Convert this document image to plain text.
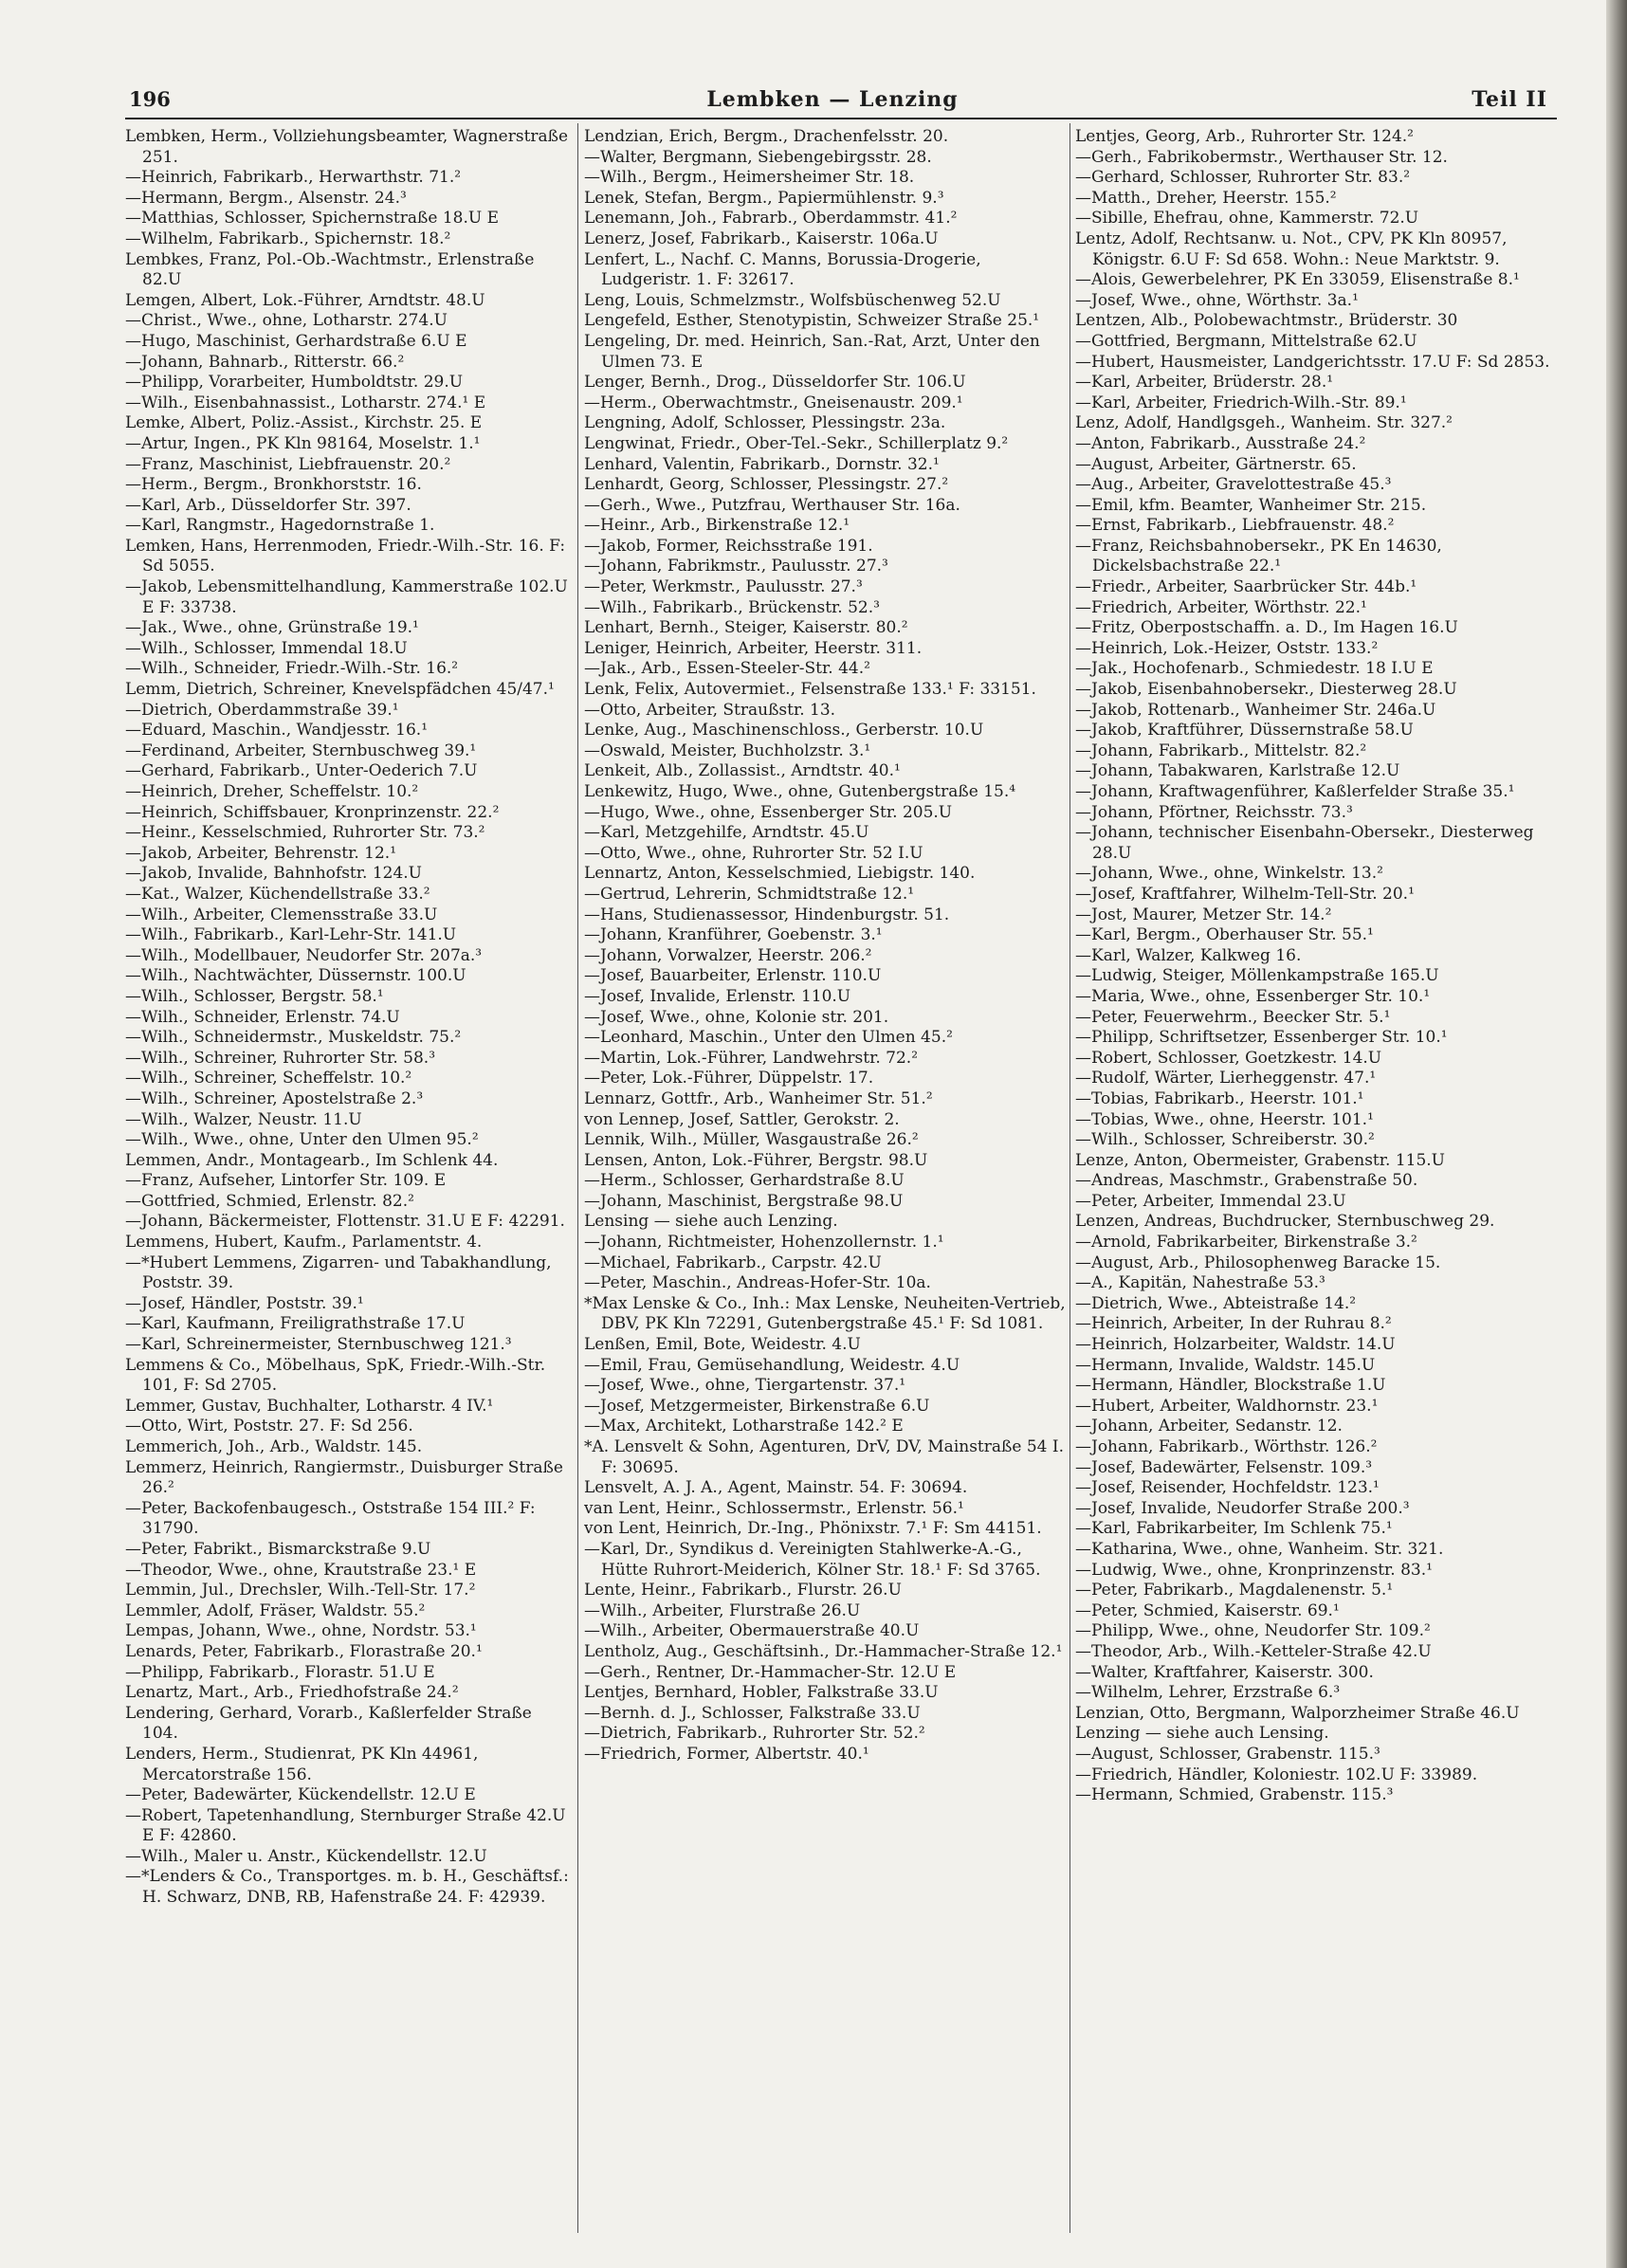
196	Lembken — Lenzing	Teil II
Lembken, Herm., Vollziehungsbeamter, Wagnerstraße 251.
—Heinrich, Fabrikarb., Herwarthstr. 71.²
—Hermann, Bergm., Alsenstr. 24.³
—Matthias, Schlosser, Spichernstraße 18.U E
—Wilhelm, Fabrikarb., Spichernstr. 18.²
Lembkes, Franz, Pol.-Ob.-Wachtmstr., Erlenstraße 82.U
Lemgen, Albert, Lok.-Führer, Arndtstr. 48.U
—Christ., Wwe., ohne, Lotharstr. 274.U
—Hugo, Maschinist, Gerhardstraße 6.U E
—Johann, Bahnarb., Ritterstr. 66.²
—Philipp, Vorarbeiter, Humboldtstr. 29.U
—Wilh., Eisenbahnassist., Lotharstr. 274.¹ E
Lemke, Albert, Poliz.-Assist., Kirchstr. 25. E
—Artur, Ingen., PK Kln 98164, Moselstr. 1.¹
—Franz, Maschinist, Liebfrauenstr. 20.²
—Herm., Bergm., Bronkhorststr. 16.
—Karl, Arb., Düsseldorfer Str. 397.
—Karl, Rangmstr., Hagedornstraße 1.
Lemken, Hans, Herrenmoden, Friedr.-Wilh.-Str. 16. F: Sd 5055.
—Jakob, Lebensmittelhandlung, Kammerstraße 102.U E F: 33738.
—Jak., Wwe., ohne, Grünstraße 19.¹
—Wilh., Schlosser, Immendal 18.U
—Wilh., Schneider, Friedr.-Wilh.-Str. 16.²
Lemm, Dietrich, Schreiner, Knevelspfädchen 45/47.¹
—Dietrich, Oberdammstraße 39.¹
—Eduard, Maschin., Wandjesstr. 16.¹
—Ferdinand, Arbeiter, Sternbuschweg 39.¹
—Gerhard, Fabrikarb., Unter-Oederich 7.U
—Heinrich, Dreher, Scheffelstr. 10.²
—Heinrich, Schiffsbauer, Kronprinzenstr. 22.²
—Heinr., Kesselschmied, Ruhrorter Str. 73.²
—Jakob, Arbeiter, Behrenstr. 12.¹
—Jakob, Invalide, Bahnhofstr. 124.U
—Kat., Walzer, Küchendellstraße 33.²
—Wilh., Arbeiter, Clemensstraße 33.U
—Wilh., Fabrikarb., Karl-Lehr-Str. 141.U
—Wilh., Modellbauer, Neudorfer Str. 207a.³
—Wilh., Nachtwächter, Düssernstr. 100.U
—Wilh., Schlosser, Bergstr. 58.¹
—Wilh., Schneider, Erlenstr. 74.U
—Wilh., Schneidermstr., Muskeldstr. 75.²
—Wilh., Schreiner, Ruhrorter Str. 58.³
—Wilh., Schreiner, Scheffelstr. 10.²
—Wilh., Schreiner, Apostelstraße 2.³
—Wilh., Walzer, Neustr. 11.U
—Wilh., Wwe., ohne, Unter den Ulmen 95.²
Lemmen, Andr., Montagearb., Im Schlenk 44.
—Franz, Aufseher, Lintorfer Str. 109. E
—Gottfried, Schmied, Erlenstr. 82.²
—Johann, Bäckermeister, Flottenstr. 31.U E F: 42291.
Lemmens, Hubert, Kaufm., Parlamentstr. 4.
—*Hubert Lemmens, Zigarren- und Tabakhandlung, Poststr. 39.
—Josef, Händler, Poststr. 39.¹
—Karl, Kaufmann, Freiligrathstraße 17.U
—Karl, Schreinermeister, Sternbuschweg 121.³
Lemmens & Co., Möbelhaus, SpK, Friedr.-Wilh.-Str. 101, F: Sd 2705.
Lemmer, Gustav, Buchhalter, Lotharstr. 4 IV.¹
—Otto, Wirt, Poststr. 27. F: Sd 256.
Lemmerich, Joh., Arb., Waldstr. 145.
Lemmerz, Heinrich, Rangiermstr., Duisburger Straße 26.²
—Peter, Backofenbaugesch., Oststraße 154 III.² F: 31790.
—Peter, Fabrikt., Bismarckstraße 9.U
—Theodor, Wwe., ohne, Krautstraße 23.¹ E
Lemmin, Jul., Drechsler, Wilh.-Tell-Str. 17.²
Lemmler, Adolf, Fräser, Waldstr. 55.²
Lempas, Johann, Wwe., ohne, Nordstr. 53.¹
Lenards, Peter, Fabrikarb., Florastraße 20.¹
—Philipp, Fabrikarb., Florastr. 51.U E
Lenartz, Mart., Arb., Friedhofstraße 24.²
Lendering, Gerhard, Vorarb., Kaßlerfelder Straße 104.
Lenders, Herm., Studienrat, PK Kln 44961, Mercatorstraße 156.
—Peter, Badewärter, Kückendellstr. 12.U E
—Robert, Tapetenhandlung, Sternburger Straße 42.U E F: 42860.
—Wilh., Maler u. Anstr., Kückendellstr. 12.U
—*Lenders & Co., Transportges. m. b. H., Geschäftsf.: H. Schwarz, DNB, RB, Hafenstraße 24. F: 42939.
Lendzian, Erich, Bergm., Drachenfelsstr. 20.
—Walter, Bergmann, Siebengebirgsstr. 28.
—Wilh., Bergm., Heimersheimer Str. 18.
Lenek, Stefan, Bergm., Papiermühlenstr. 9.³
Lenemann, Joh., Fabrarb., Oberdammstr. 41.²
Lenerz, Josef, Fabrikarb., Kaiserstr. 106a.U
Lenfert, L., Nachf. C. Manns, Borussia-Drogerie, Ludgeristr. 1. F: 32617.
Leng, Louis, Schmelzmstr., Wolfsbüschenweg 52.U
Lengefeld, Esther, Stenotypistin, Schweizer Straße 25.¹
Lengeling, Dr. med. Heinrich, San.-Rat, Arzt, Unter den Ulmen 73. E
Lenger, Bernh., Drog., Düsseldorfer Str. 106.U
—Herm., Oberwachtmstr., Gneisenaustr. 209.¹
Lengning, Adolf, Schlosser, Plessingstr. 23a.
Lengwinat, Friedr., Ober-Tel.-Sekr., Schillerplatz 9.²
Lenhard, Valentin, Fabrikarb., Dornstr. 32.¹
Lenhardt, Georg, Schlosser, Plessingstr. 27.²
—Gerh., Wwe., Putzfrau, Werthauser Str. 16a.
—Heinr., Arb., Birkenstraße 12.¹
—Jakob, Former, Reichsstraße 191.
—Johann, Fabrikmstr., Paulusstr. 27.³
—Peter, Werkmstr., Paulusstr. 27.³
—Wilh., Fabrikarb., Brückenstr. 52.³
Lenhart, Bernh., Steiger, Kaiserstr. 80.²
Leniger, Heinrich, Arbeiter, Heerstr. 311.
—Jak., Arb., Essen-Steeler-Str. 44.²
Lenk, Felix, Autovermiet., Felsenstraße 133.¹ F: 33151.
—Otto, Arbeiter, Straußstr. 13.
Lenke, Aug., Maschinenschloss., Gerberstr. 10.U
—Oswald, Meister, Buchholzstr. 3.¹
Lenkeit, Alb., Zollassist., Arndtstr. 40.¹
Lenkewitz, Hugo, Wwe., ohne, Gutenbergstraße 15.⁴
—Hugo, Wwe., ohne, Essenberger Str. 205.U
—Karl, Metzgehilfe, Arndtstr. 45.U
—Otto, Wwe., ohne, Ruhrorter Str. 52 I.U
Lennartz, Anton, Kesselschmied, Liebigstr. 140.
—Gertrud, Lehrerin, Schmidtstraße 12.¹
—Hans, Studienassessor, Hindenburgstr. 51.
—Johann, Kranführer, Goebenstr. 3.¹
—Johann, Vorwalzer, Heerstr. 206.²
—Josef, Bauarbeiter, Erlenstr. 110.U
—Josef, Invalide, Erlenstr. 110.U
—Josef, Wwe., ohne, Kolonie str. 201.
—Leonhard, Maschin., Unter den Ulmen 45.²
—Martin, Lok.-Führer, Landwehrstr. 72.²
—Peter, Lok.-Führer, Düppelstr. 17.
Lennarz, Gottfr., Arb., Wanheimer Str. 51.²
von Lennep, Josef, Sattler, Gerokstr. 2.
Lennik, Wilh., Müller, Wasgaustraße 26.²
Lensen, Anton, Lok.-Führer, Bergstr. 98.U
—Herm., Schlosser, Gerhardstraße 8.U
—Johann, Maschinist, Bergstraße 98.U
Lensing — siehe auch Lenzing.
—Johann, Richtmeister, Hohenzollernstr. 1.¹
—Michael, Fabrikarb., Carpstr. 42.U
—Peter, Maschin., Andreas-Hofer-Str. 10a.
*Max Lenske & Co., Inh.: Max Lenske, Neuheiten-Vertrieb, DBV, PK Kln 72291, Gutenbergstraße 45.¹ F: Sd 1081.
Lenßen, Emil, Bote, Weidestr. 4.U
—Emil, Frau, Gemüsehandlung, Weidestr. 4.U
—Josef, Wwe., ohne, Tiergartenstr. 37.¹
—Josef, Metzgermeister, Birkenstraße 6.U
—Max, Architekt, Lotharstraße 142.² E
*A. Lensvelt & Sohn, Agenturen, DrV, DV, Mainstraße 54 I. F: 30695.
Lensvelt, A. J. A., Agent, Mainstr. 54. F: 30694.
van Lent, Heinr., Schlossermstr., Erlenstr. 56.¹
von Lent, Heinrich, Dr.-Ing., Phönixstr. 7.¹ F: Sm 44151.
—Karl, Dr., Syndikus d. Vereinigten Stahlwerke-A.-G., Hütte Ruhrort-Meiderich, Kölner Str. 18.¹ F: Sd 3765.
Lente, Heinr., Fabrikarb., Flurstr. 26.U
—Wilh., Arbeiter, Flurstraße 26.U
—Wilh., Arbeiter, Obermauerstraße 40.U
Lentholz, Aug., Geschäftsinh., Dr.-Hammacher-Straße 12.¹
—Gerh., Rentner, Dr.-Hammacher-Str. 12.U E
Lentjes, Bernhard, Hobler, Falkstraße 33.U
—Bernh. d. J., Schlosser, Falkstraße 33.U
—Dietrich, Fabrikarb., Ruhrorter Str. 52.²
—Friedrich, Former, Albertstr. 40.¹
Lentjes, Georg, Arb., Ruhrorter Str. 124.²
—Gerh., Fabrikobermstr., Werthauser Str. 12.
—Gerhard, Schlosser, Ruhrorter Str. 83.²
—Matth., Dreher, Heerstr. 155.²
—Sibille, Ehefrau, ohne, Kammerstr. 72.U
Lentz, Adolf, Rechtsanw. u. Not., CPV, PK Kln 80957, Königstr. 6.U F: Sd 658. Wohn.: Neue Marktstr. 9.
—Alois, Gewerbelehrer, PK En 33059, Elisenstraße 8.¹
—Josef, Wwe., ohne, Wörthstr. 3a.¹
Lentzen, Alb., Polobewachtmstr., Brüderstr. 30
—Gottfried, Bergmann, Mittelstraße 62.U
—Hubert, Hausmeister, Landgerichtsstr. 17.U F: Sd 2853.
—Karl, Arbeiter, Brüderstr. 28.¹
—Karl, Arbeiter, Friedrich-Wilh.-Str. 89.¹
Lenz, Adolf, Handlgsgeh., Wanheim. Str. 327.²
—Anton, Fabrikarb., Ausstraße 24.²
—August, Arbeiter, Gärtnerstr. 65.
—Aug., Arbeiter, Gravelottestraße 45.³
—Emil, kfm. Beamter, Wanheimer Str. 215.
—Ernst, Fabrikarb., Liebfrauenstr. 48.²
—Franz, Reichsbahnobersekr., PK En 14630, Dickelsbachstraße 22.¹
—Friedr., Arbeiter, Saarbrücker Str. 44b.¹
—Friedrich, Arbeiter, Wörthstr. 22.¹
—Fritz, Oberpostschaffn. a. D., Im Hagen 16.U
—Heinrich, Lok.-Heizer, Oststr. 133.²
—Jak., Hochofenarb., Schmiedestr. 18 I.U E
—Jakob, Eisenbahnobersekr., Diesterweg 28.U
—Jakob, Rottenarb., Wanheimer Str. 246a.U
—Jakob, Kraftführer, Düssernstraße 58.U
—Johann, Fabrikarb., Mittelstr. 82.²
—Johann, Tabakwaren, Karlstraße 12.U
—Johann, Kraftwagenführer, Kaßlerfelder Straße 35.¹
—Johann, Pförtner, Reichsstr. 73.³
—Johann, technischer Eisenbahn-Obersekr., Diesterweg 28.U
—Johann, Wwe., ohne, Winkelstr. 13.²
—Josef, Kraftfahrer, Wilhelm-Tell-Str. 20.¹
—Jost, Maurer, Metzer Str. 14.²
—Karl, Bergm., Oberhauser Str. 55.¹
—Karl, Walzer, Kalkweg 16.
—Ludwig, Steiger, Möllenkampstraße 165.U
—Maria, Wwe., ohne, Essenberger Str. 10.¹
—Peter, Feuerwehrm., Beecker Str. 5.¹
—Philipp, Schriftsetzer, Essenberger Str. 10.¹
—Robert, Schlosser, Goetzkestr. 14.U
—Rudolf, Wärter, Lierheggenstr. 47.¹
—Tobias, Fabrikarb., Heerstr. 101.¹
—Tobias, Wwe., ohne, Heerstr. 101.¹
—Wilh., Schlosser, Schreiberstr. 30.²
Lenze, Anton, Obermeister, Grabenstr. 115.U
—Andreas, Maschmstr., Grabenstraße 50.
—Peter, Arbeiter, Immendal 23.U
Lenzen, Andreas, Buchdrucker, Sternbuschweg 29.
—Arnold, Fabrikarbeiter, Birkenstraße 3.²
—August, Arb., Philosophenweg Baracke 15.
—A., Kapitän, Nahestraße 53.³
—Dietrich, Wwe., Abteistraße 14.²
—Heinrich, Arbeiter, In der Ruhrau 8.²
—Heinrich, Holzarbeiter, Waldstr. 14.U
—Hermann, Invalide, Waldstr. 145.U
—Hermann, Händler, Blockstraße 1.U
—Hubert, Arbeiter, Waldhornstr. 23.¹
—Johann, Arbeiter, Sedanstr. 12.
—Johann, Fabrikarb., Wörthstr. 126.²
—Josef, Badewärter, Felsenstr. 109.³
—Josef, Reisender, Hochfeldstr. 123.¹
—Josef, Invalide, Neudorfer Straße 200.³
—Karl, Fabrikarbeiter, Im Schlenk 75.¹
—Katharina, Wwe., ohne, Wanheim. Str. 321.
—Ludwig, Wwe., ohne, Kronprinzenstr. 83.¹
—Peter, Fabrikarb., Magdalenenstr. 5.¹
—Peter, Schmied, Kaiserstr. 69.¹
—Philipp, Wwe., ohne, Neudorfer Str. 109.²
—Theodor, Arb., Wilh.-Ketteler-Straße 42.U
—Walter, Kraftfahrer, Kaiserstr. 300.
—Wilhelm, Lehrer, Erzstraße 6.³
Lenzian, Otto, Bergmann, Walporzheimer Straße 46.U
Lenzing — siehe auch Lensing.
—August, Schlosser, Grabenstr. 115.³
—Friedrich, Händler, Koloniestr. 102.U F: 33989.
—Hermann, Schmied, Grabenstr. 115.³
